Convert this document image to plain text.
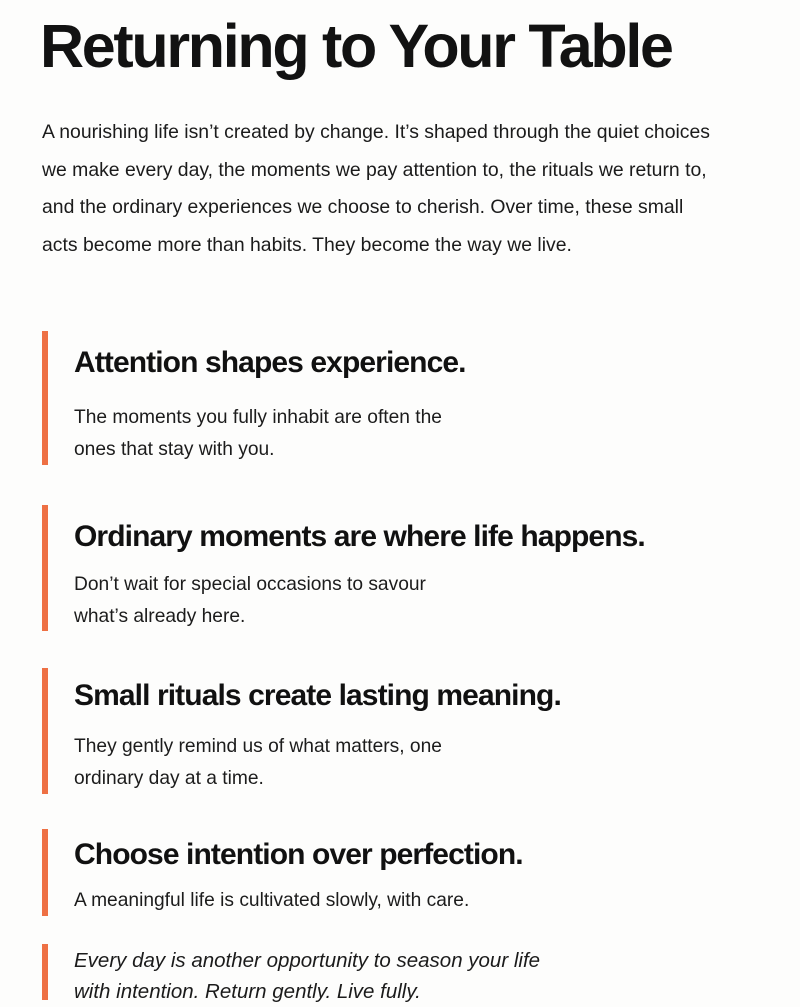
Returning to Your Table

A nourishing life isn’t created by change. It’s shaped through the quiet choices we make every day, the moments we pay attention to, the rituals we return to, and the ordinary experiences we choose to cherish. Over time, these small acts become more than habits. They become the way we live.

Attention shapes experience.

The moments you fully inhabit are often the ones that stay with you.

Ordinary moments are where life happens.

Don’t wait for special occasions to savour what’s already here.

Small rituals create lasting meaning.

They gently remind us of what matters, one ordinary day at a time.

Choose intention over perfection.

A meaningful life is cultivated slowly, with care.

Every day is another opportunity to season your life with intention. Return gently. Live fully.
